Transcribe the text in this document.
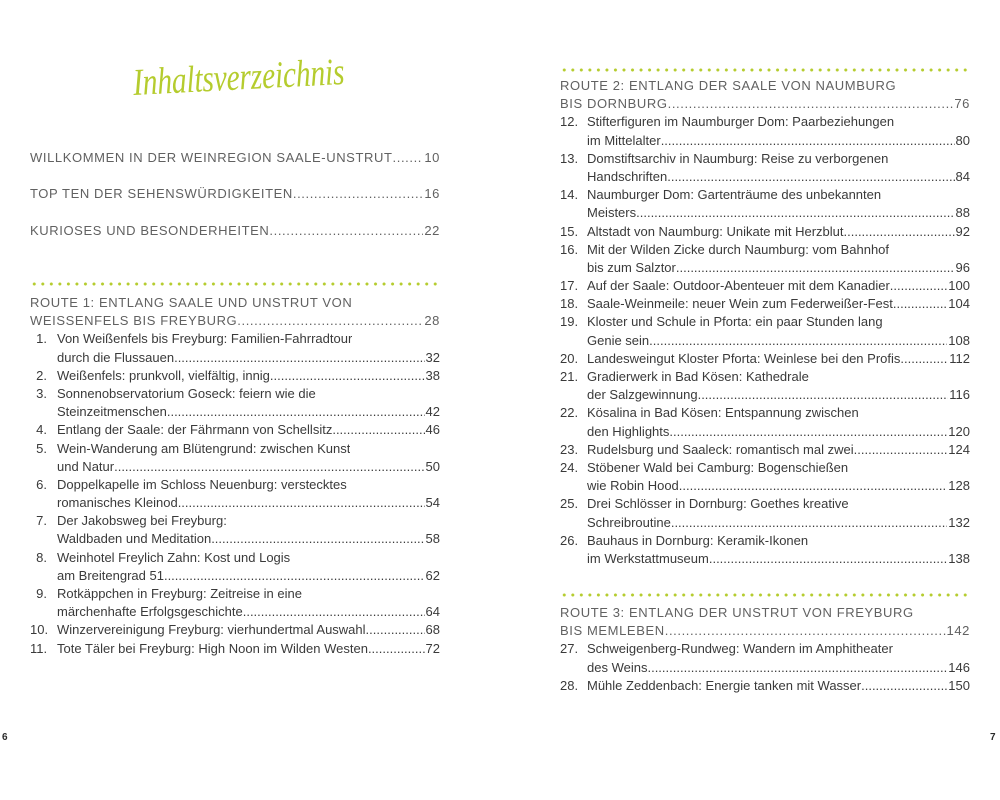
Inhaltsverzeichnis
WILLKOMMEN IN DER WEINREGION SAALE-UNSTRUT ..... 10
TOP TEN DER SEHENSWÜRDIGKEITEN .....	16
KURIOSES UND BESONDERHEITEN .....	22
ROUTE 1: ENTLANG SAALE UND UNSTRUT VON
WEISSENFELS BIS FREYBURG .....	28
1. Von Weißenfels bis Freyburg: Familien-Fahrradtour
durch die Flussauen .....	32
2. Weißenfels: prunkvoll, vielfältig, innig .....	38
3. Sonnenobservatorium Goseck: feiern wie die
Steinzeitmenschen .....	42
4. Entlang der Saale: der Fährmann von Schellsitz .....	46
5. Wein-Wanderung am Blütengrund: zwischen Kunst
und Natur .....	50
6. Doppelkapelle im Schloss Neuenburg: verstecktes
romanisches Kleinod .....	54
7. Der Jakobsweg bei Freyburg:
Waldbaden und Meditation .....	58
8. Weinhotel Freylich Zahn: Kost und Logis
am Breitengrad 51 .....	62
9. Rotkäppchen in Freyburg: Zeitreise in eine
märchenhafte Erfolgsgeschichte .....	64
10. Winzervereinigung Freyburg: vierhundertmal Auswahl .....	68
11. Tote Täler bei Freyburg: High Noon im Wilden Westen .....	72
6
ROUTE 2: ENTLANG DER SAALE VON NAUMBURG
BIS DORNBURG .....	76
12. Stifterfiguren im Naumburger Dom: Paarbeziehungen
im Mittelalter .....	80
13. Domstiftsarchiv in Naumburg: Reise zu verborgenen
Handschriften .....	84
14. Naumburger Dom: Gartenträume des unbekannten
Meisters .....	88
15. Altstadt von Naumburg: Unikate mit Herzblut .....	92
16. Mit der Wilden Zicke durch Naumburg: vom Bahnhof
bis zum Salztor .....	96
17. Auf der Saale: Outdoor-Abenteuer mit dem Kanadier .....	100
18. Saale-Weinmeile: neuer Wein zum Federweißer-Fest .....	104
19. Kloster und Schule in Pforta: ein paar Stunden lang
Genie sein .....	108
20. Landesweingut Kloster Pforta: Weinlese bei den Profis .....	112
21. Gradierwerk in Bad Kösen: Kathedrale
der Salzgewinnung .....	116
22. Kösalina in Bad Kösen: Entspannung zwischen
den Highlights .....	120
23. Rudelsburg und Saaleck: romantisch mal zwei .....	124
24. Stöbener Wald bei Camburg: Bogenschießen
wie Robin Hood .....	128
25. Drei Schlösser in Dornburg: Goethes kreative
Schreibroutine .....	132
26. Bauhaus in Dornburg: Keramik-Ikonen
im Werkstattmuseum .....	138
ROUTE 3: ENTLANG DER UNSTRUT VON FREYBURG
BIS MEMLEBEN .....	142
27. Schweigenberg-Rundweg: Wandern im Amphitheater
des Weins .....	146
28. Mühle Zeddenbach: Energie tanken mit Wasser .....	150
7
